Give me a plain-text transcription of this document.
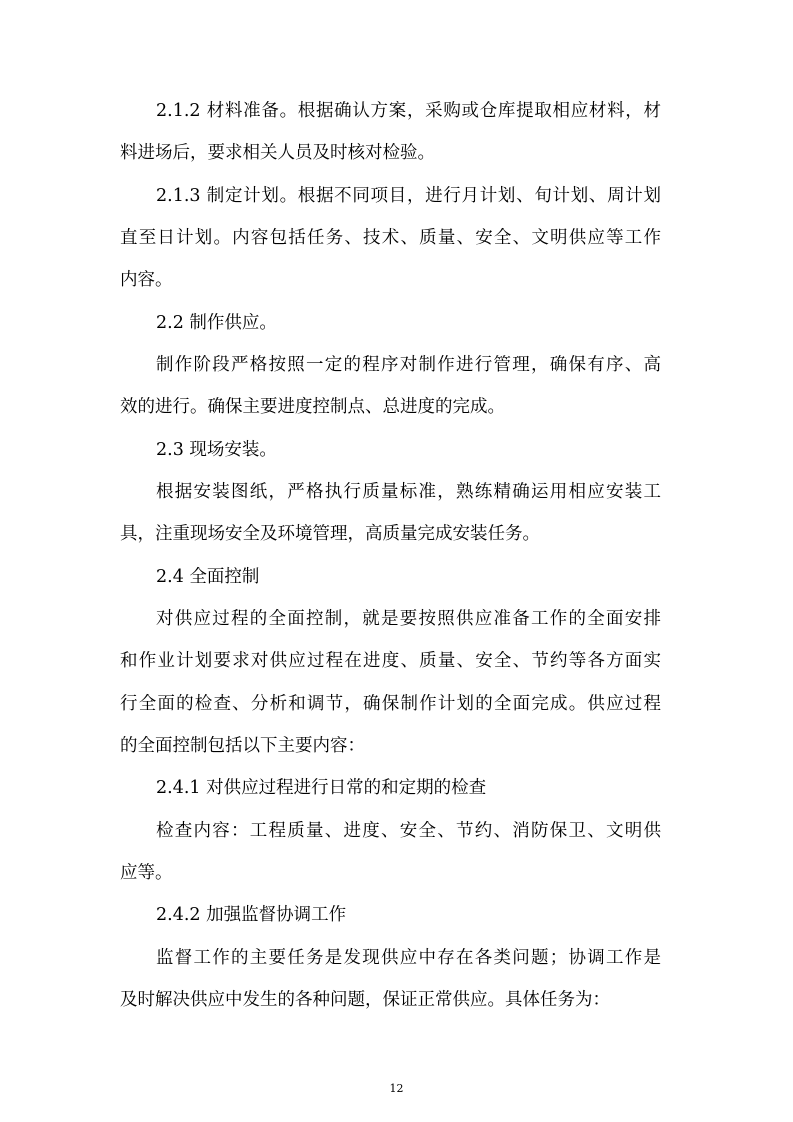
2.1.2 材料准备。根据确认方案，采购或仓库提取相应材料，材
料进场后，要求相关人员及时核对检验。
2.1.3 制定计划。根据不同项目，进行月计划、旬计划、周计划
直至日计划。内容包括任务、技术、质量、安全、文明供应等工作
内容。
2.2 制作供应。
制作阶段严格按照一定的程序对制作进行管理，确保有序、高
效的进行。确保主要进度控制点、总进度的完成。
2.3 现场安装。
根据安装图纸，严格执行质量标准，熟练精确运用相应安装工
具，注重现场安全及环境管理，高质量完成安装任务。
2.4 全面控制
对供应过程的全面控制，就是要按照供应准备工作的全面安排
和作业计划要求对供应过程在进度、质量、安全、节约等各方面实
行全面的检查、分析和调节，确保制作计划的全面完成。供应过程
的全面控制包括以下主要内容：
2.4.1 对供应过程进行日常的和定期的检查
检查内容：工程质量、进度、安全、节约、消防保卫、文明供
应等。
2.4.2 加强监督协调工作
监督工作的主要任务是发现供应中存在各类问题；协调工作是
及时解决供应中发生的各种问题，保证正常供应。具体任务为：
12
